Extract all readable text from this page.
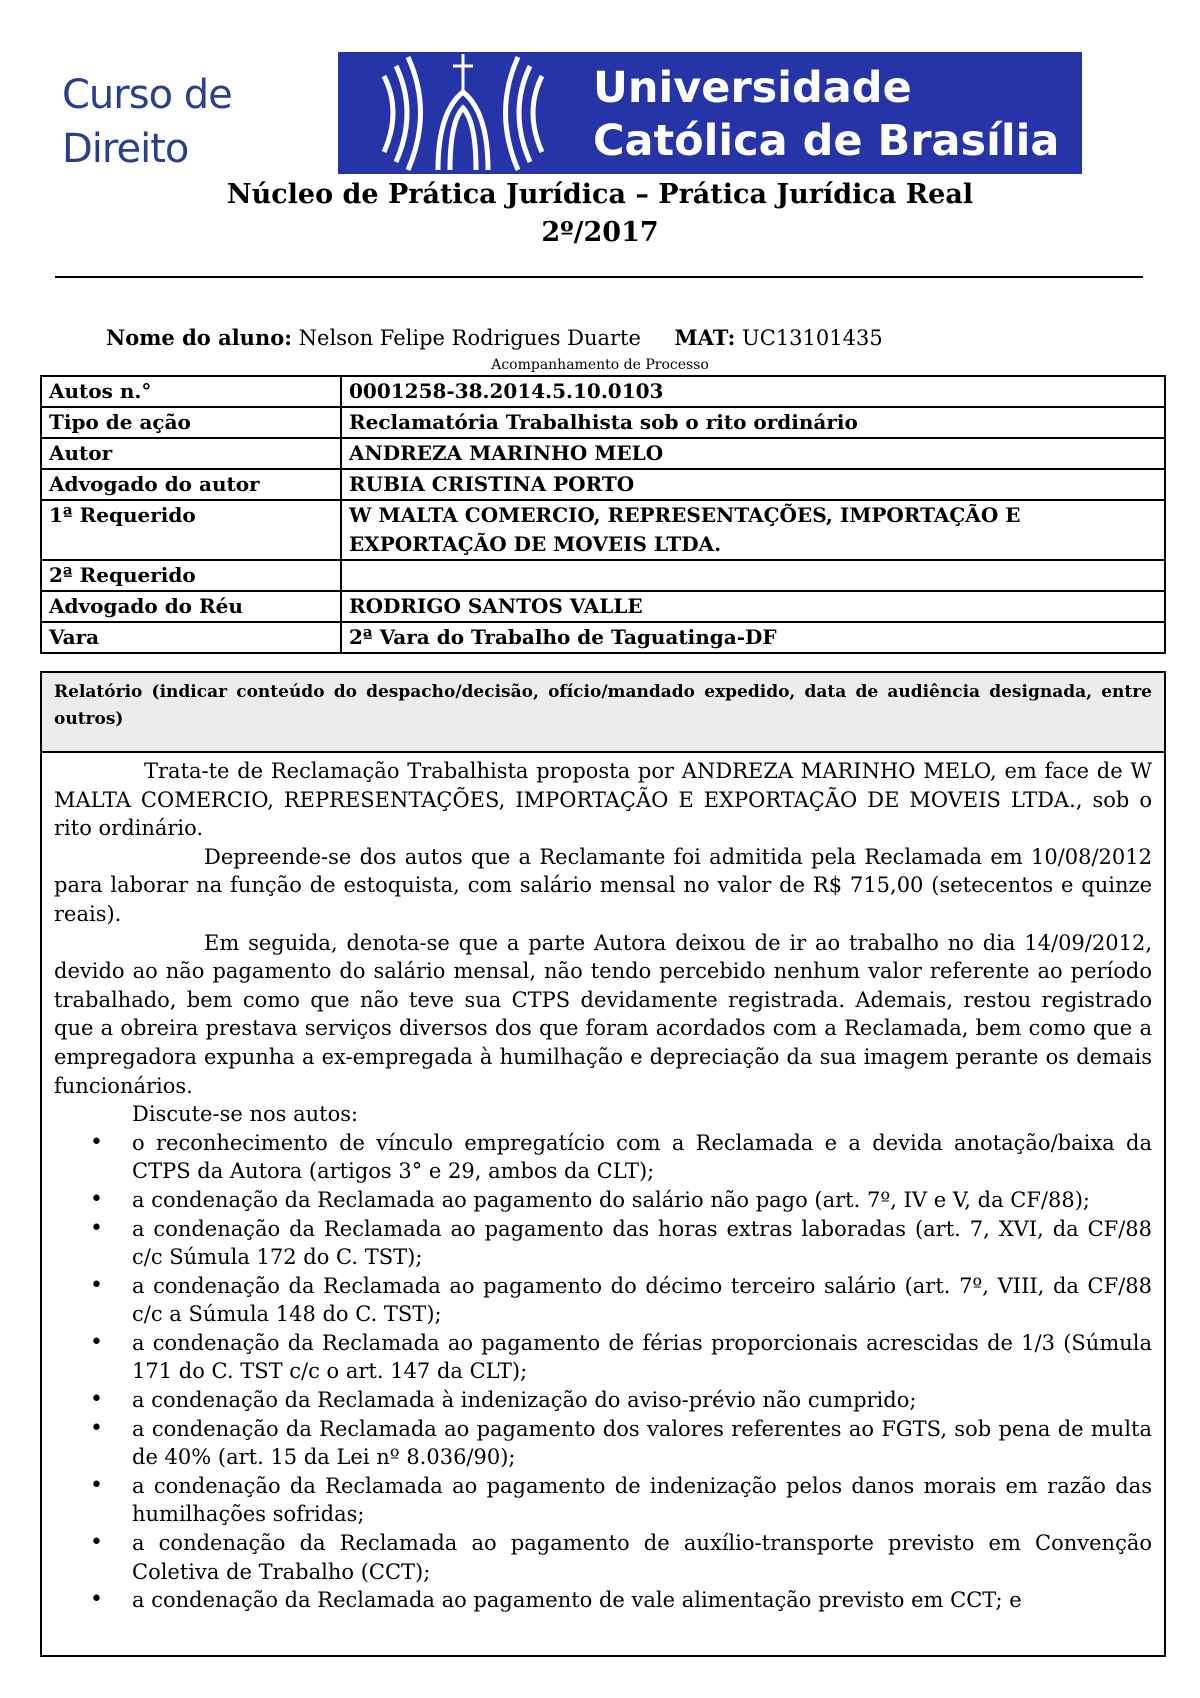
Curso de
Direito
Universidade
Católica de Brasília
Núcleo de Prática Jurídica – Prática Jurídica Real
2º/2017
Nome do aluno: Nelson Felipe Rodrigues Duarte MAT: UC13101435
Acompanhamento de Processo
Autos n.°	0001258-38.2014.5.10.0103
Tipo de ação	Reclamatória Trabalhista sob o rito ordinário
Autor	ANDREZA MARINHO MELO
Advogado do autor	RUBIA CRISTINA PORTO
1ª Requerido	W MALTA COMERCIO, REPRESENTAÇÕES, IMPORTAÇÃO E EXPORTAÇÃO DE MOVEIS LTDA.
2ª Requerido	
Advogado do Réu	RODRIGO SANTOS VALLE
Vara	2ª Vara do Trabalho de Taguatinga-DF
Relatório (indicar conteúdo do despacho/decisão, ofício/mandado expedido, data de audiência designada, entre outros)

Trata-te de Reclamação Trabalhista proposta por ANDREZA MARINHO MELO, em face de W MALTA COMERCIO, REPRESENTAÇÕES, IMPORTAÇÃO E EXPORTAÇÃO DE MOVEIS LTDA., sob o rito ordinário.

Depreende-se dos autos que a Reclamante foi admitida pela Reclamada em 10/08/2012 para laborar na função de estoquista, com salário mensal no valor de R$ 715,00 (setecentos e quinze reais).

Em seguida, denota-se que a parte Autora deixou de ir ao trabalho no dia 14/09/2012, devido ao não pagamento do salário mensal, não tendo percebido nenhum valor referente ao período trabalhado, bem como que não teve sua CTPS devidamente registrada. Ademais, restou registrado que a obreira prestava serviços diversos dos que foram acordados com a Reclamada, bem como que a empregadora expunha a ex-empregada à humilhação e depreciação da sua imagem perante os demais funcionários.

Discute-se nos autos:

• o reconhecimento de vínculo empregatício com a Reclamada e a devida anotação/baixa da CTPS da Autora (artigos 3° e 29, ambos da CLT);
• a condenação da Reclamada ao pagamento do salário não pago (art. 7º, IV e V, da CF/88);
• a condenação da Reclamada ao pagamento das horas extras laboradas (art. 7, XVI, da CF/88 c/c Súmula 172 do C. TST);
• a condenação da Reclamada ao pagamento do décimo terceiro salário (art. 7º, VIII, da CF/88 c/c a Súmula 148 do C. TST);
• a condenação da Reclamada ao pagamento de férias proporcionais acrescidas de 1/3 (Súmula 171 do C. TST c/c o art. 147 da CLT);
• a condenação da Reclamada à indenização do aviso-prévio não cumprido;
• a condenação da Reclamada ao pagamento dos valores referentes ao FGTS, sob pena de multa de 40% (art. 15 da Lei nº 8.036/90);
• a condenação da Reclamada ao pagamento de indenização pelos danos morais em razão das humilhações sofridas;
• a condenação da Reclamada ao pagamento de auxílio-transporte previsto em Convenção Coletiva de Trabalho (CCT);
• a condenação da Reclamada ao pagamento de vale alimentação previsto em CCT; e
